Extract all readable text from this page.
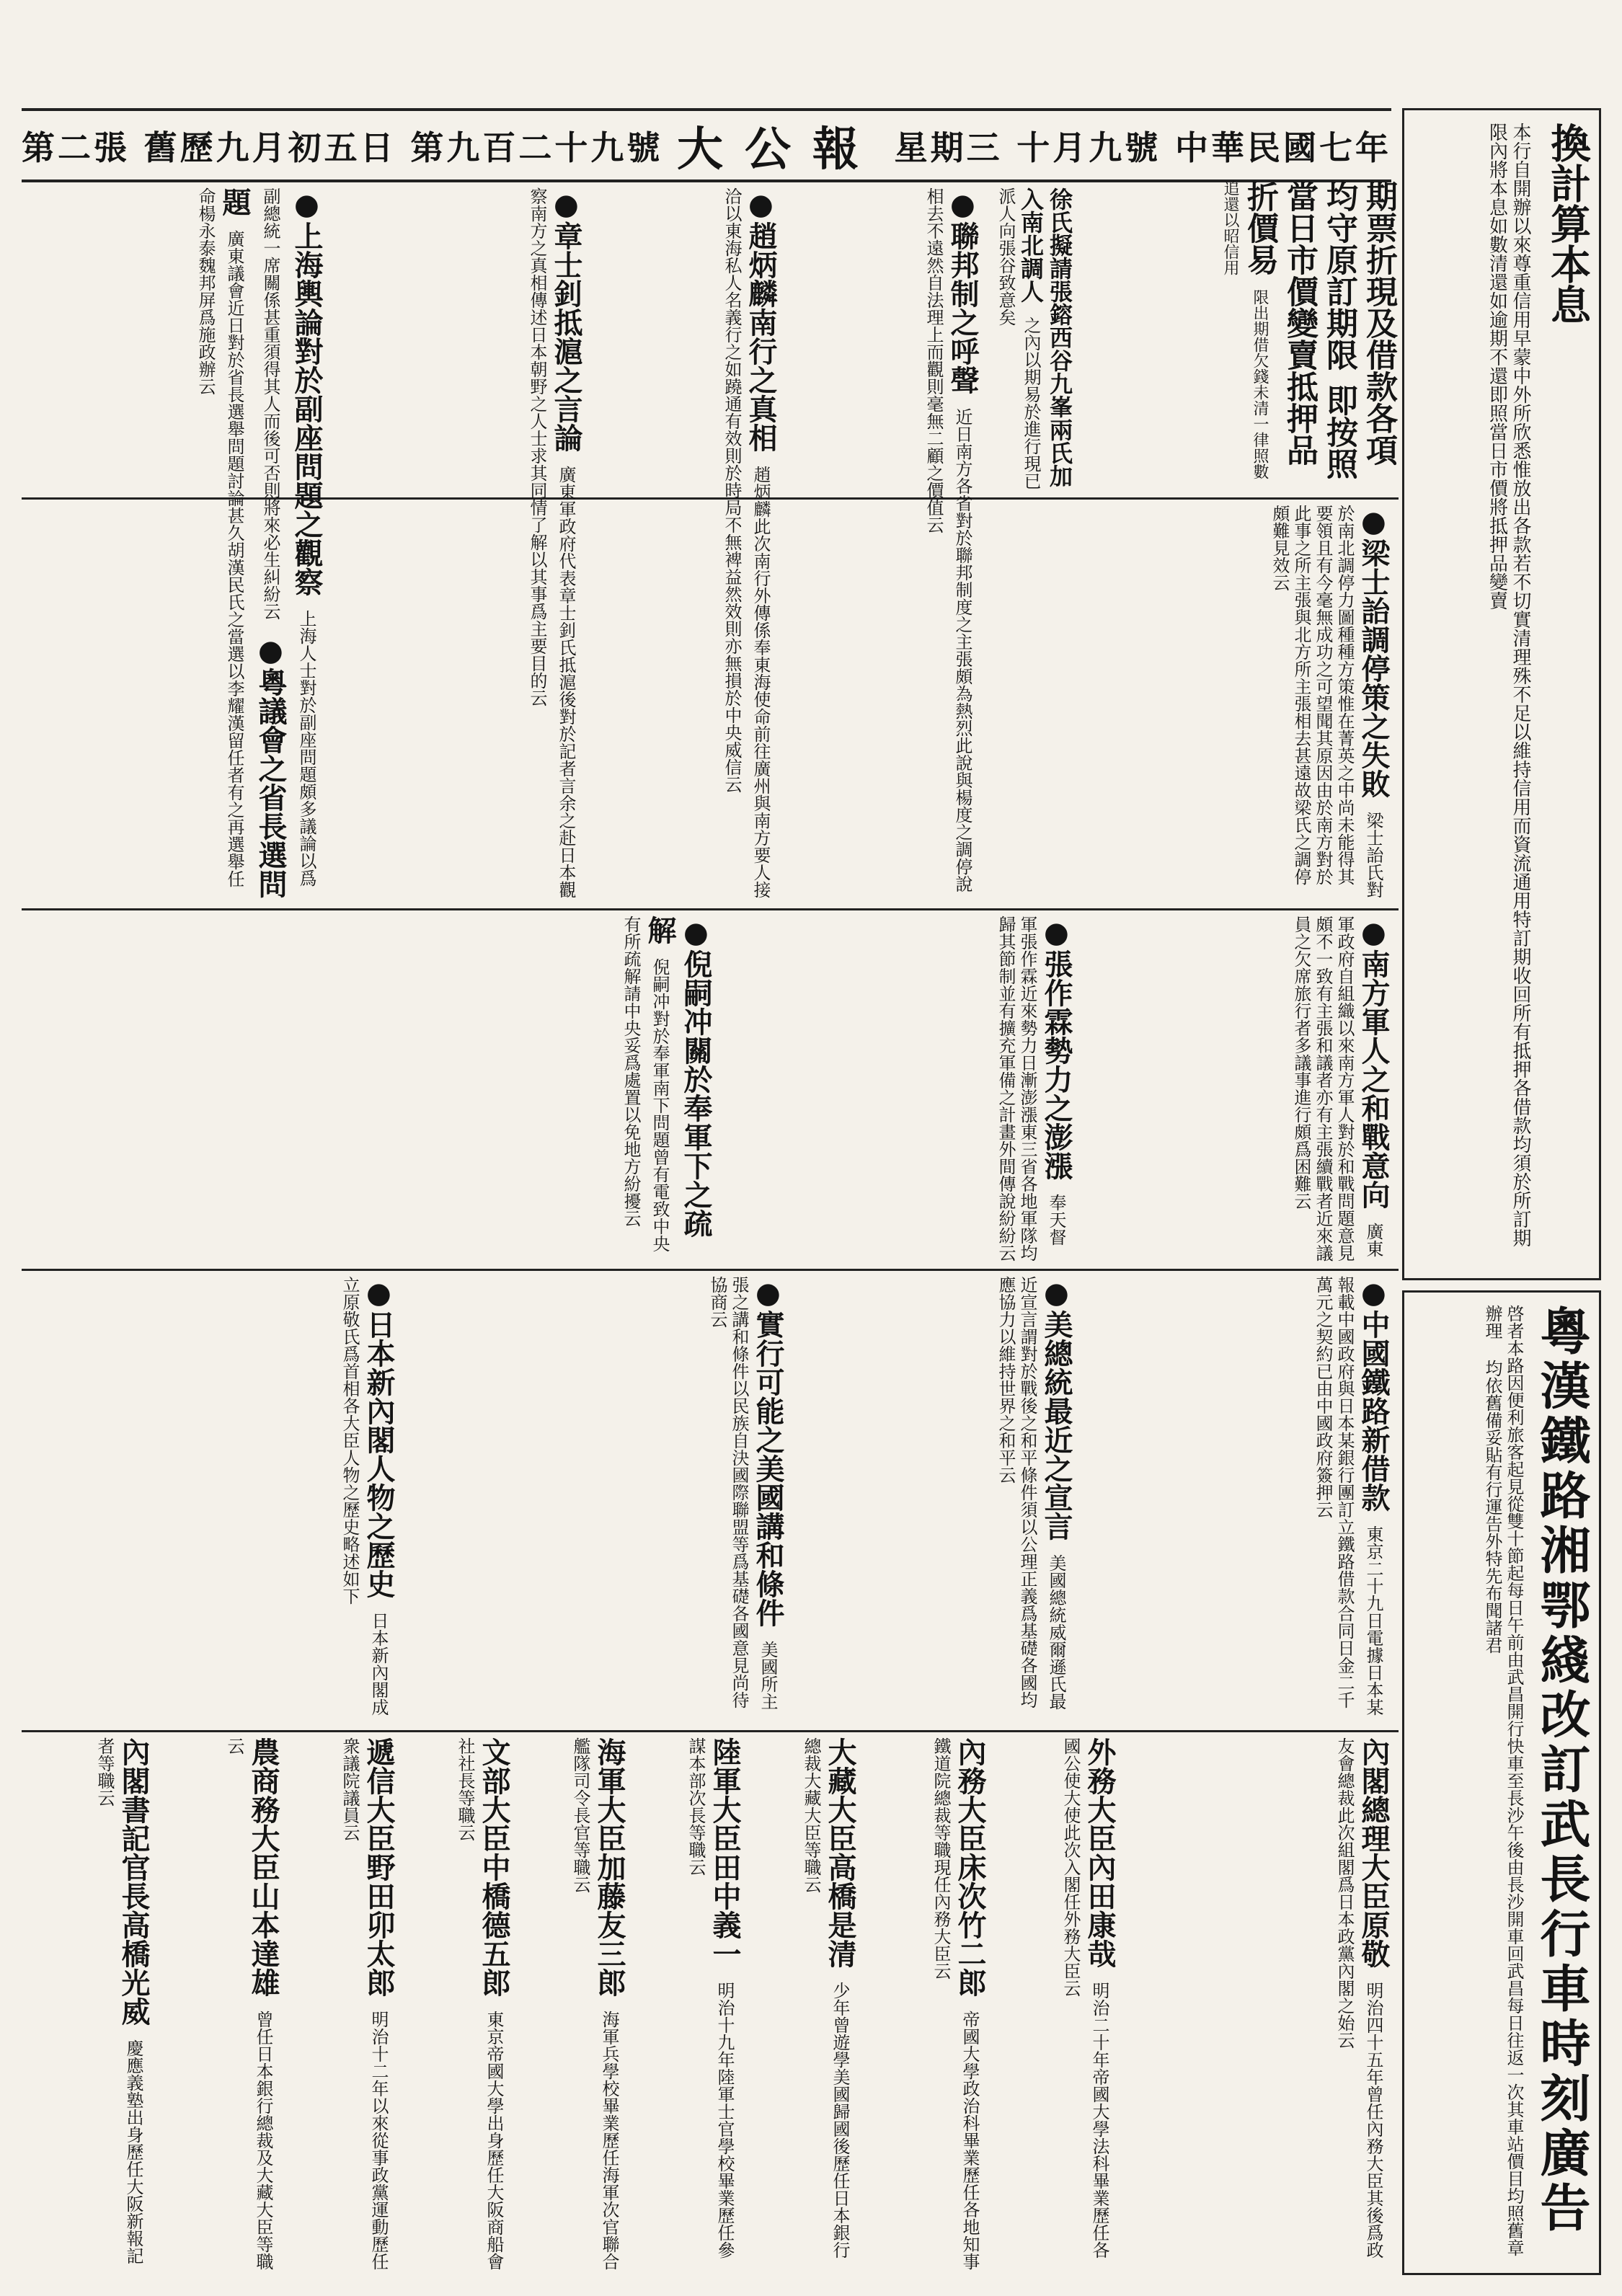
第二張 舊歷九月初五日 第九百二十九號 大公報 星期三 十月九號 中華民國七年	換計算本息
本行自開辦以來尊重信用早蒙中外所欣悉惟放出各款若不切實清理殊不足以維持信用而資流通用特訂期收回所有抵押各借款均須於所訂期限內將本息如數清還如逾期不還即照當日市價將抵押品變賣
期票折現及借款各項均守原訂期限 即按照當日市價變賣抵押品折價易 限出期借欠錢未清一律照數追還以昭信用
粵漢鐵路湘鄂綫改訂武長行車時刻廣告
啓者本路因便利旅客起見從雙十節起每日午前由武昌開行快車至長沙午後由長沙開車回武昌每日往返一次其車站價目均照舊章辦理 均依舊備妥貼有行運告外特先布聞諸君
● 梁士詒調停策之失敗 梁士詒氏對於南北調停力圖種種方策惟在菁英之中尚未能得其要領且有今毫無成功之可望聞其原因由於南方對於此事之所主張與北方所主張相去甚遠故梁氏之調停頗難見效云
徐氏擬請張鎔西谷九峯兩氏加入南北調人 之內以期易於進行現已派人向張谷致意矣
● 聯邦制之呼聲 近日南方各省對於聯邦制度之主張頗為熱烈此說與楊度之調停說相去不遠然自法理上而觀則毫無二顧之價值云
● 趙炳麟南行之真相 趙炳麟此次南行外傳係奉東海使命前往廣州與南方要人接洽以東海私人名義行之如蹺通有效則於時局不無裨益然效則亦無損於中央威信云
● 章士釗抵滬之言論 廣東軍政府代表章士釗氏抵滬後對於記者言余之赴日本觀察南方之真相傳述日本朝野之人士求其同情了解以其事爲主要目的云
● 上海輿論對於副座問題之觀察 上海人士對於副座問題頗多議論以爲副總統一席關係甚重須得其人而後可否則將來必生糾紛云 ● 粵議會之省長選問題 廣東議會近日對於省長選舉問題討論甚久胡漢民氏之當選以李耀漢留任者有之再選舉任命楊永泰魏邦屏爲施政辦云
● 南方軍人之和戰意向 廣東軍政府自組織以來南方軍人對於和戰問題意見頗不一致有主張和議者亦有主張續戰者近來議員之欠席旅行者多議事進行頗爲困難云
● 張作霖勢力之澎漲 奉天督軍張作霖近來勢力日漸澎漲東三省各地軍隊均歸其節制並有擴充軍備之計畫外間傳說紛紛云
● 倪嗣冲關於奉軍下之疏解 倪嗣冲對於奉軍南下問題曾有電致中央有所疏解請中央妥爲處置以免地方紛擾云
● 中國鐵路新借款 東京二十九日電據日本某報載中國政府與日本某銀行團訂立鐵路借款合同日金二千萬元之契約已由中國政府簽押云
● 美總統最近之宣言 美國總統威爾遜氏最近宣言謂對於戰後之和平條件須以公理正義爲基礎各國均應協力以維持世界之和平云
● 實行可能之美國講和條件 美國所主張之講和條件以民族自決國際聯盟等爲基礎各國意見尚待協商云
● 日本新內閣人物之歷史 日本新內閣成立原敬氏爲首相各大臣人物之歷史略述如下
內閣總理大臣原敬 明治四十五年曾任內務大臣其後爲政友會總裁此次組閣爲日本政黨內閣之始云
外務大臣內田康哉 明治二十年帝國大學法科畢業歷任各國公使大使此次入閣任外務大臣云
內務大臣床次竹二郎 帝國大學政治科畢業歷任各地知事鐵道院總裁等職現任內務大臣云
大藏大臣高橋是清 少年曾遊學美國歸國後歷任日本銀行總裁大藏大臣等職云
陸軍大臣田中義一 明治十九年陸軍士官學校畢業歷任參謀本部次長等職云
海軍大臣加藤友三郎 海軍兵學校畢業歷任海軍次官聯合艦隊司令長官等職云
文部大臣中橋德五郎 東京帝國大學出身歷任大阪商船會社社長等職云
遞信大臣野田卯太郎 明治十二年以來從事政黨運動歷任衆議院議員云
農商務大臣山本達雄 曾任日本銀行總裁及大藏大臣等職云
內閣書記官長高橋光威 慶應義塾出身歷任大阪新報記者等職云
